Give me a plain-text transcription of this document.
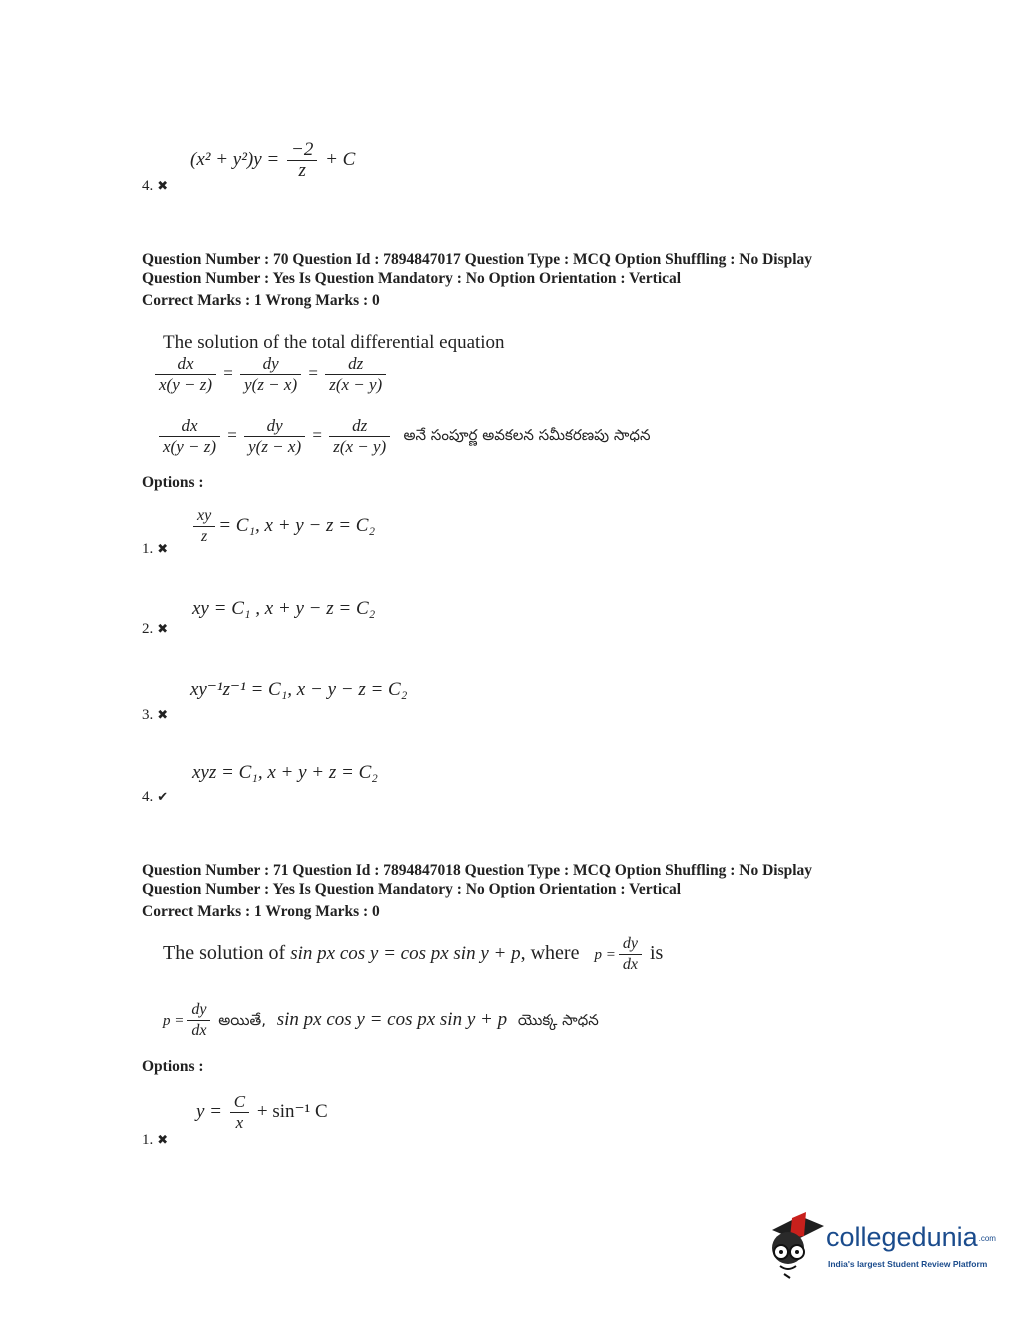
$(x^2 + y^2)y = \frac{-2}{z} + C$
4. ✖
Question Number : 70 Question Id : 7894847017 Question Type : MCQ Option Shuffling : No Display
Question Number : Yes Is Question Mandatory : No Option Orientation : Vertical
Correct Marks : 1 Wrong Marks : 0
The solution of the total differential equation
$\frac{dx}{x(y - z)} = \frac{dy}{y(z - x)} = \frac{dz}{z(x - y)}$
$\frac{dx}{x(y - z)} = \frac{dy}{y(z - x)} = \frac{dz}{z(x - y)}$ అనే సంపూర్ణ అవకలన సమీకరణపు సాధన
Options :
$\frac{xy}{z} = C_1$, x + y − z = C₂
1. ✖
xy = C₁ , x + y − z = C₂
2. ✖
xy⁻¹z⁻¹ = C₁, x − y − z = C₂
3. ✖
xyz = C₁, x + y + z = C₂
4. ✔
Question Number : 71 Question Id : 7894847018 Question Type : MCQ Option Shuffling : No Display
Question Number : Yes Is Question Mandatory : No Option Orientation : Vertical
Correct Marks : 1 Wrong Marks : 0
The solution of sin px cos y = cos px sin y + p, where $p = \frac{dy}{dx}$ is
$p = \frac{dy}{dx}$ అయితే, sin px cos y = cos px sin y + p యొక్క సాధన
Options :
$y = \frac{C}{x} + \sin^{-1}$ C
1. ✖
collegedunia.com
India's largest Student Review Platform
